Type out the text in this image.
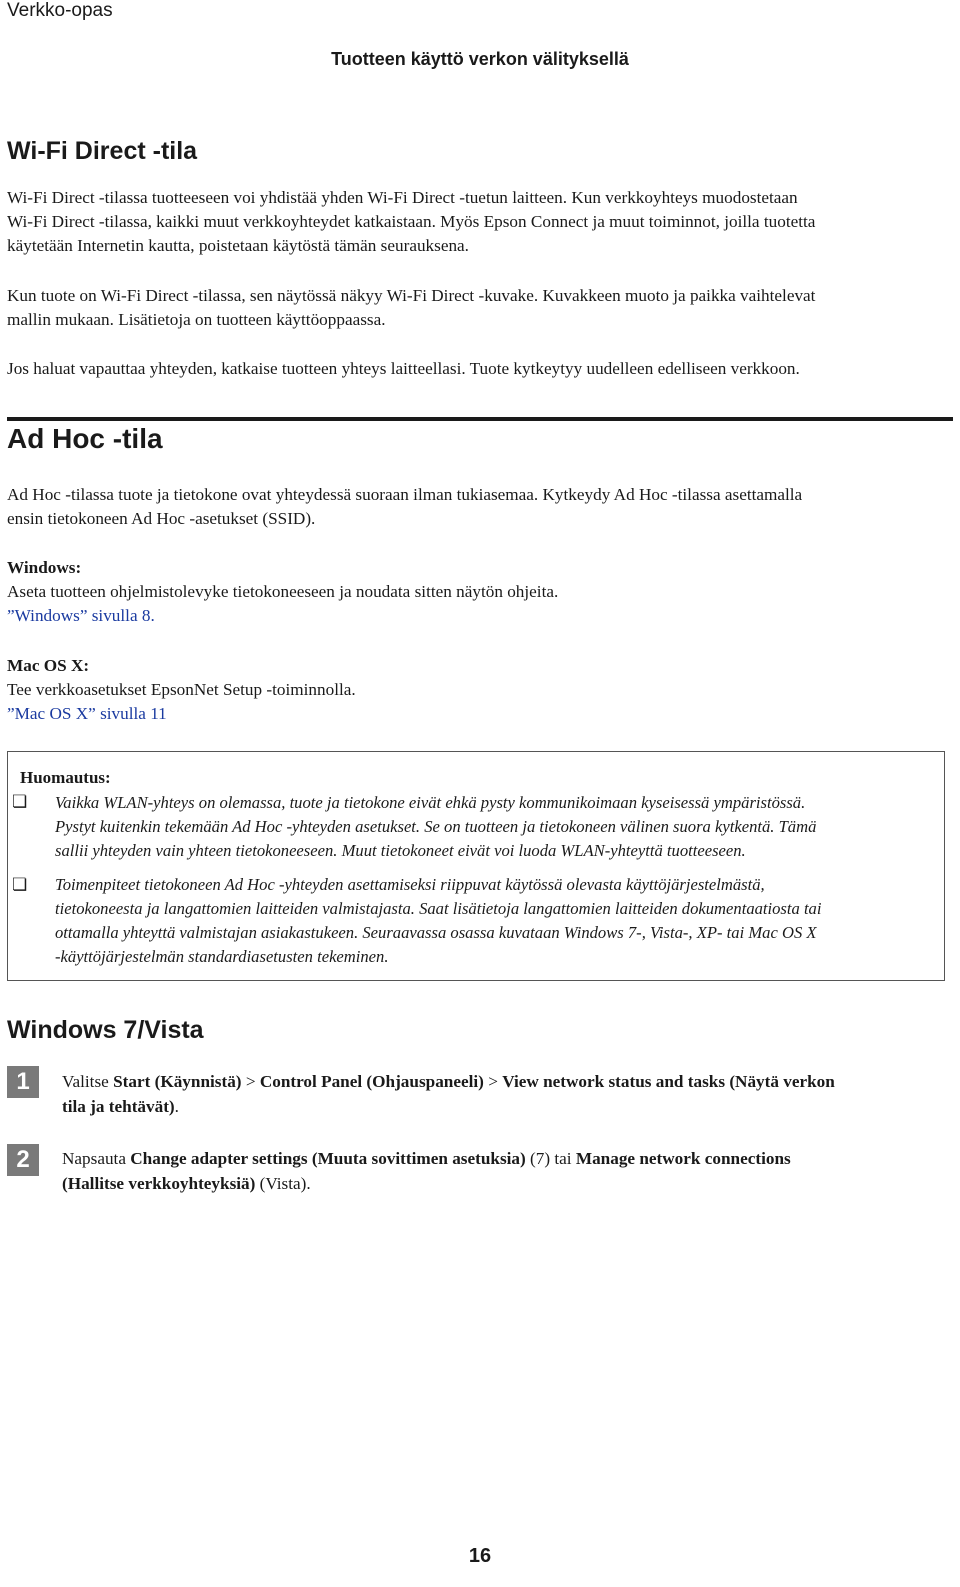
Verkko-opas
Tuotteen käyttö verkon välityksellä
Wi-Fi Direct -tila
Wi-Fi Direct -tilassa tuotteeseen voi yhdistää yhden Wi-Fi Direct -tuetun laitteen. Kun verkkoyhteys muodostetaan
Wi-Fi Direct -tilassa, kaikki muut verkkoyhteydet katkaistaan. Myös Epson Connect ja muut toiminnot, joilla tuotetta
käytetään Internetin kautta, poistetaan käytöstä tämän seurauksena.
Kun tuote on Wi-Fi Direct -tilassa, sen näytössä näkyy Wi-Fi Direct -kuvake. Kuvakkeen muoto ja paikka vaihtelevat
mallin mukaan. Lisätietoja on tuotteen käyttöoppaassa.
Jos haluat vapauttaa yhteyden, katkaise tuotteen yhteys laitteellasi. Tuote kytkeytyy uudelleen edelliseen verkkoon.
Ad Hoc -tila
Ad Hoc -tilassa tuote ja tietokone ovat yhteydessä suoraan ilman tukiasemaa. Kytkeydy Ad Hoc -tilassa asettamalla
ensin tietokoneen Ad Hoc -asetukset (SSID).
Windows:
Aseta tuotteen ohjelmistolevyke tietokoneeseen ja noudata sitten näytön ohjeita.
”Windows” sivulla 8.
Mac OS X:
Tee verkkoasetukset EpsonNet Setup -toiminnolla.
”Mac OS X” sivulla 11
Huomautus:
❏ Vaikka WLAN-yhteys on olemassa, tuote ja tietokone eivät ehkä pysty kommunikoimaan kyseisessä ympäristössä.
Pystyt kuitenkin tekemään Ad Hoc -yhteyden asetukset. Se on tuotteen ja tietokoneen välinen suora kytkentä. Tämä
sallii yhteyden vain yhteen tietokoneeseen. Muut tietokoneet eivät voi luoda WLAN-yhteyttä tuotteeseen.
❏ Toimenpiteet tietokoneen Ad Hoc -yhteyden asettamiseksi riippuvat käytössä olevasta käyttöjärjestelmästä,
tietokoneesta ja langattomien laitteiden valmistajasta. Saat lisätietoja langattomien laitteiden dokumentaatiosta tai
ottamalla yhteyttä valmistajan asiakastukeen. Seuraavassa osassa kuvataan Windows 7-, Vista-, XP- tai Mac OS X
-käyttöjärjestelmän standardiasetusten tekeminen.
Windows 7/Vista
1	Valitse Start (Käynnistä) > Control Panel (Ohjauspaneeli) > View network status and tasks (Näytä verkon
tila ja tehtävät).
2	Napsauta Change adapter settings (Muuta sovittimen asetuksia) (7) tai Manage network connections
(Hallitse verkkoyhteyksiä) (Vista).
16
